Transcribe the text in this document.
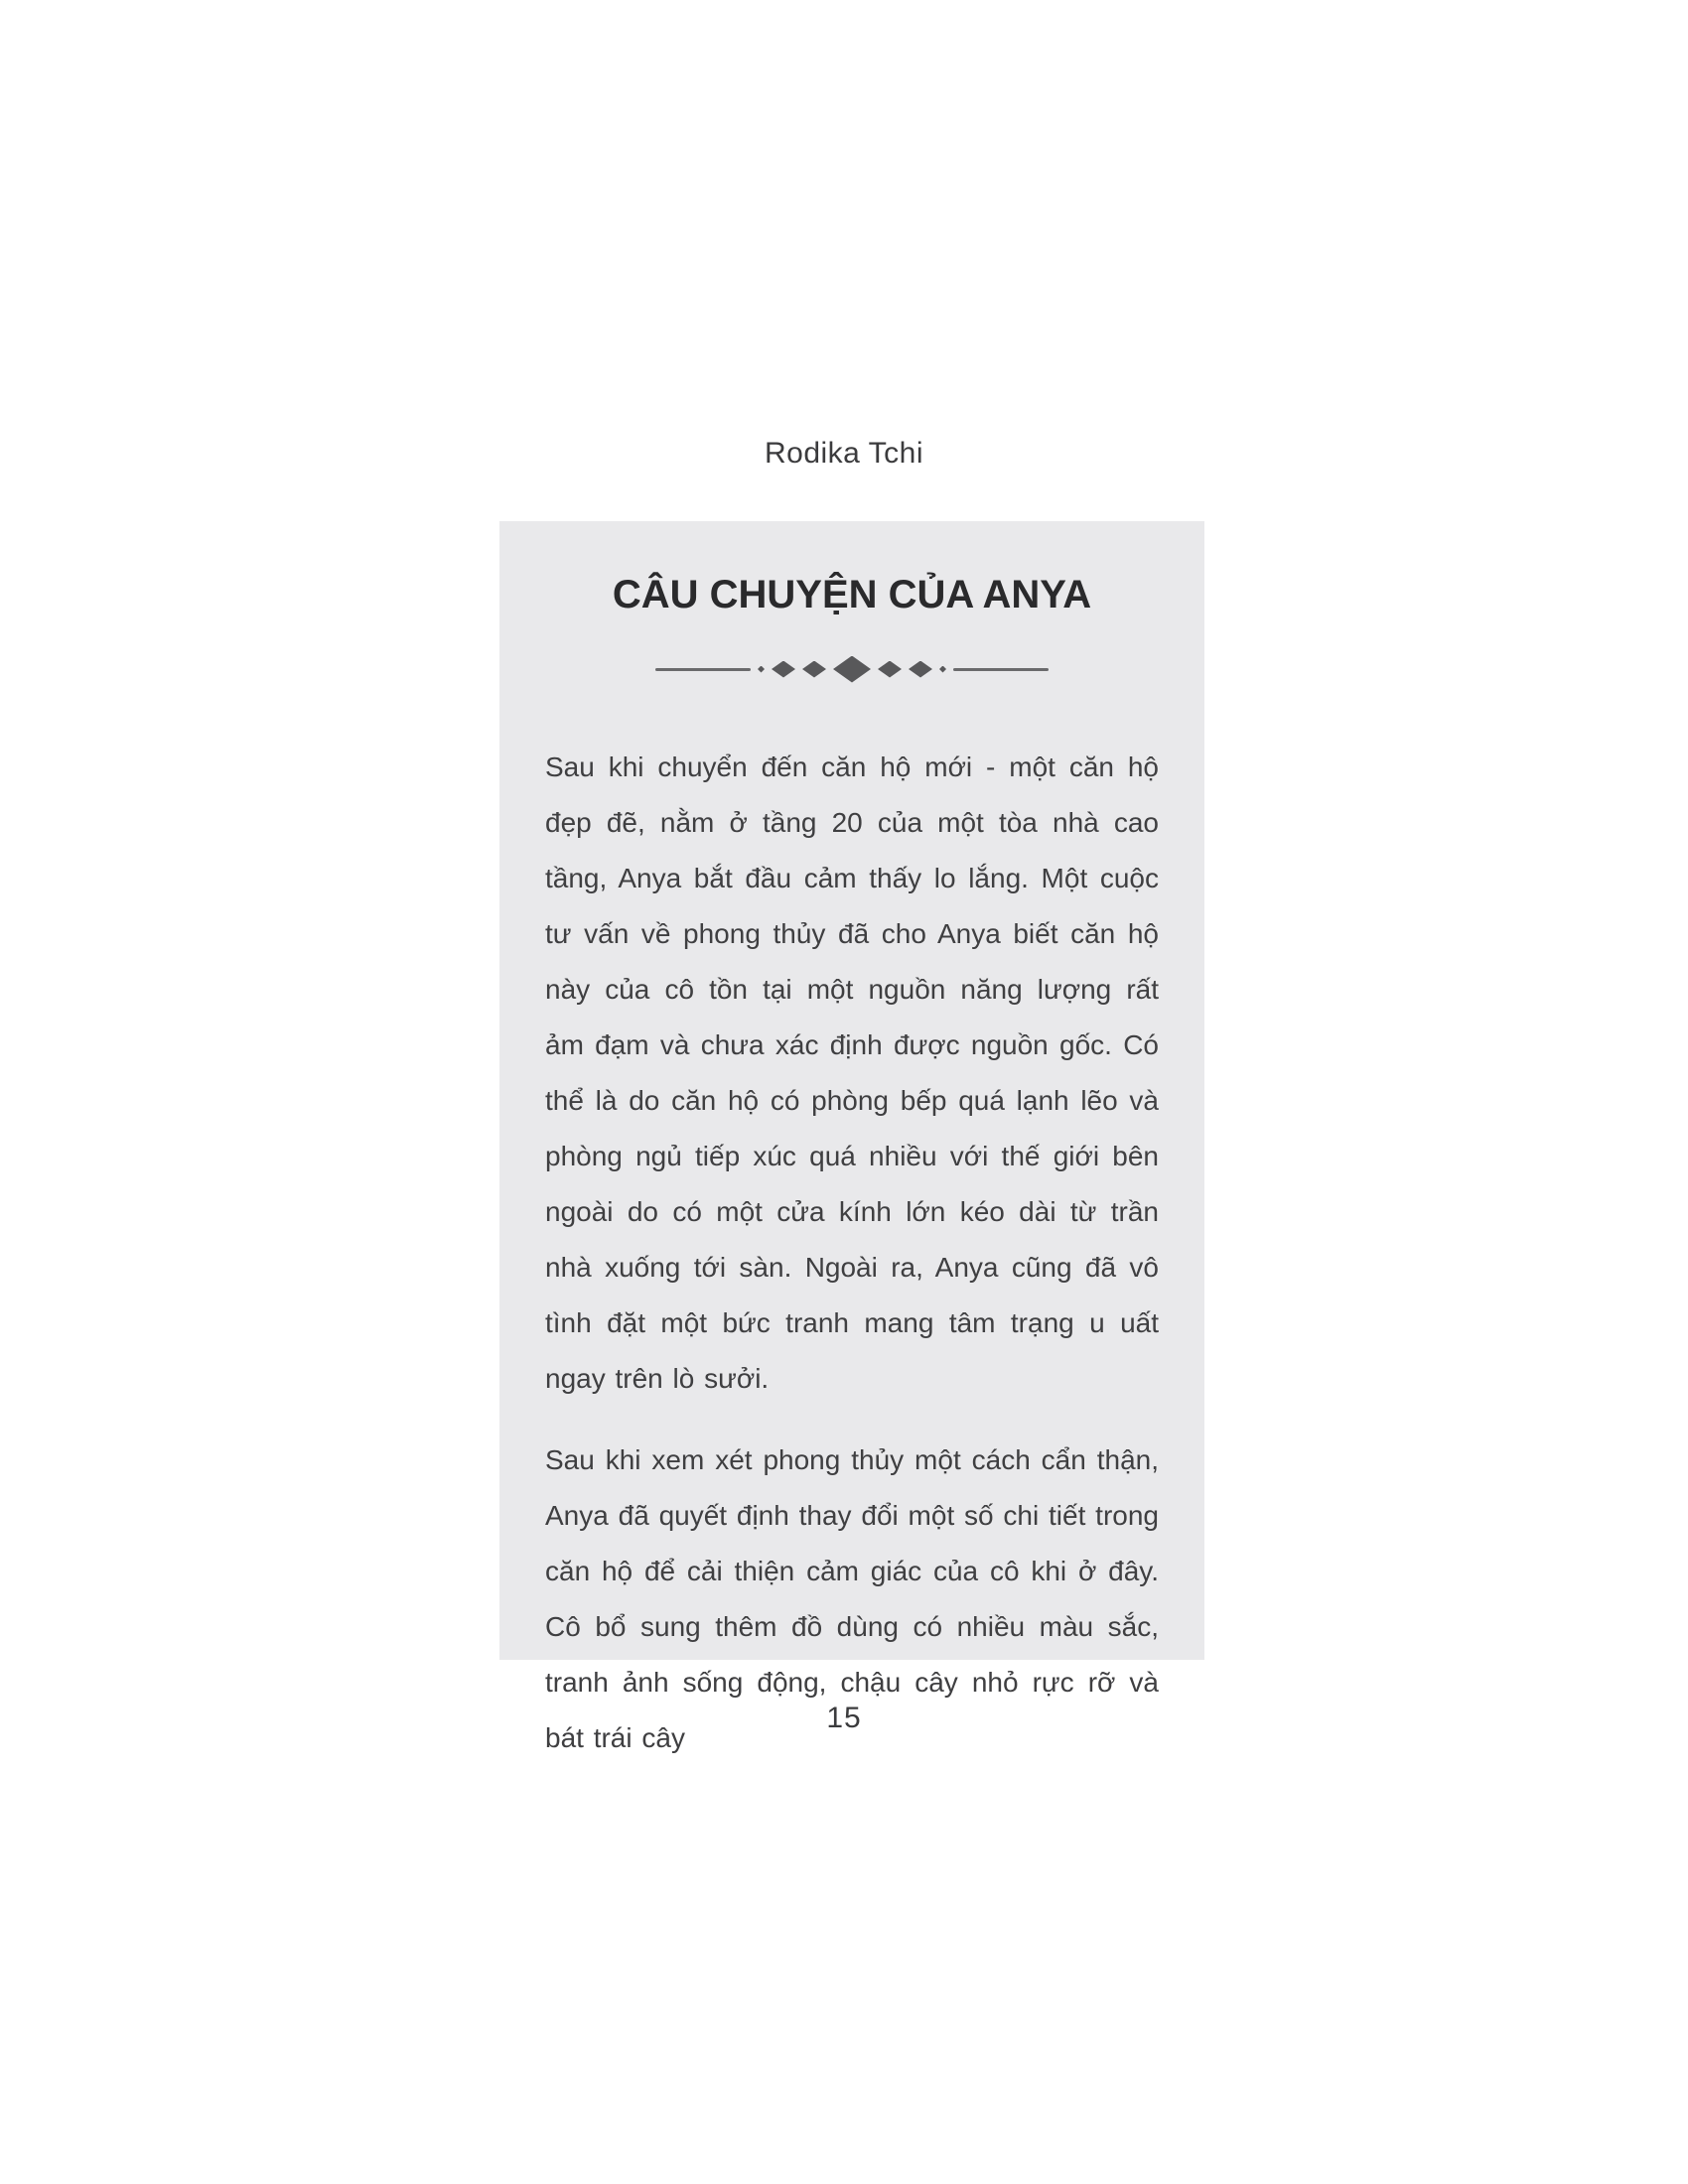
Rodika Tchi
CÂU CHUYỆN CỦA ANYA

Sau khi chuyển đến căn hộ mới - một căn hộ đẹp đẽ, nằm ở tầng 20 của một tòa nhà cao tầng, Anya bắt đầu cảm thấy lo lắng. Một cuộc tư vấn về phong thủy đã cho Anya biết căn hộ này của cô tồn tại một nguồn năng lượng rất ảm đạm và chưa xác định được nguồn gốc. Có thể là do căn hộ có phòng bếp quá lạnh lẽo và phòng ngủ tiếp xúc quá nhiều với thế giới bên ngoài do có một cửa kính lớn kéo dài từ trần nhà xuống tới sàn. Ngoài ra, Anya cũng đã vô tình đặt một bức tranh mang tâm trạng u uất ngay trên lò sưởi.

Sau khi xem xét phong thủy một cách cẩn thận, Anya đã quyết định thay đổi một số chi tiết trong căn hộ để cải thiện cảm giác của cô khi ở đây. Cô bổ sung thêm đồ dùng có nhiều màu sắc, tranh ảnh sống động, chậu cây nhỏ rực rỡ và bát trái cây

15
